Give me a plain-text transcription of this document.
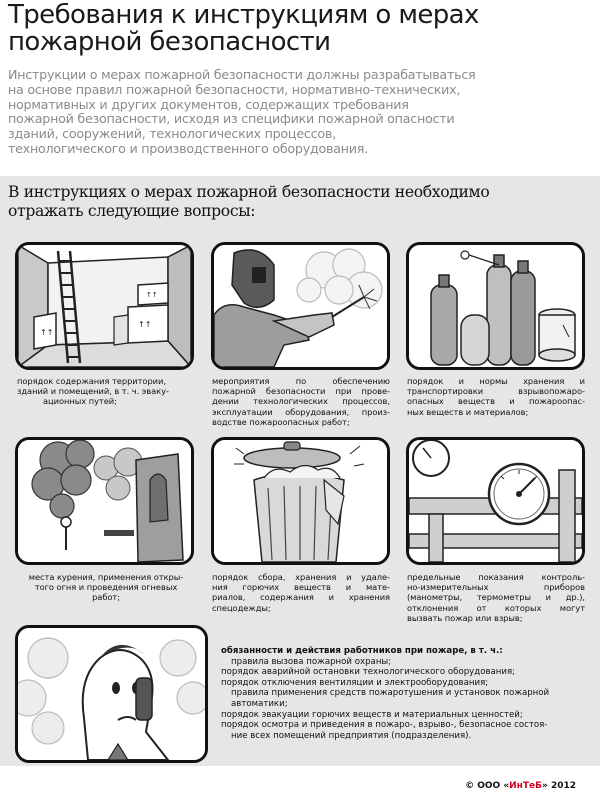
Требования к инструкциям о мерах
пожарной безопасности
Инструкции о мерах пожарной безопасности должны разрабатываться
на основе правил пожарной безопасности, нормативно-технических,
нормативных и других документов, содержащих требования
пожарной безопасности, исходя из специфики пожарной опасности
зданий, сооружений, технологических процессов,
технологического и производственного оборудования.
В инструкциях о мерах пожарной безопасности необходимо
отражать следующие вопросы:
↑↑
↑↑
↑↑
порядок содержания территории,
зданий и помещений, в т. ч. эваку-
ационных путей;
мероприятия по обеспечению
пожарной безопасности при прове-
дении технологических процессов,
эксплуатации оборудования, произ-
водстве пожароопасных работ;
порядок и нормы хранения и
транспортировки взрывопожаро-
опасных веществ и пожароопас-
ных веществ и материалов;
места курения, применения откры-
того огня и проведения огневых
работ;
порядок сбора, хранения и удале-
ния горючих веществ и мате-
риалов, содержания и хранения
спецодежды;
предельные показания контроль-
но-измерительных приборов
(манометры, термометры и др.),
отклонения от которых могут
вызвать пожар или взрыв;
обязанности и действия работников при пожаре, в т. ч.:
правила вызова пожарной охраны;
порядок аварийной остановки технологического оборудования;
порядок отключения вентиляции и электрооборудования;
правила применения средств пожаротушения и установок пожарной
автоматики;
порядок эвакуации горючих веществ и материальных ценностей;
порядок осмотра и приведения в пожаро-, взрыво-, безопасное состоя-
ние всех помещений предприятия (подразделения).
© ООО «ИнТеБ» 2012
